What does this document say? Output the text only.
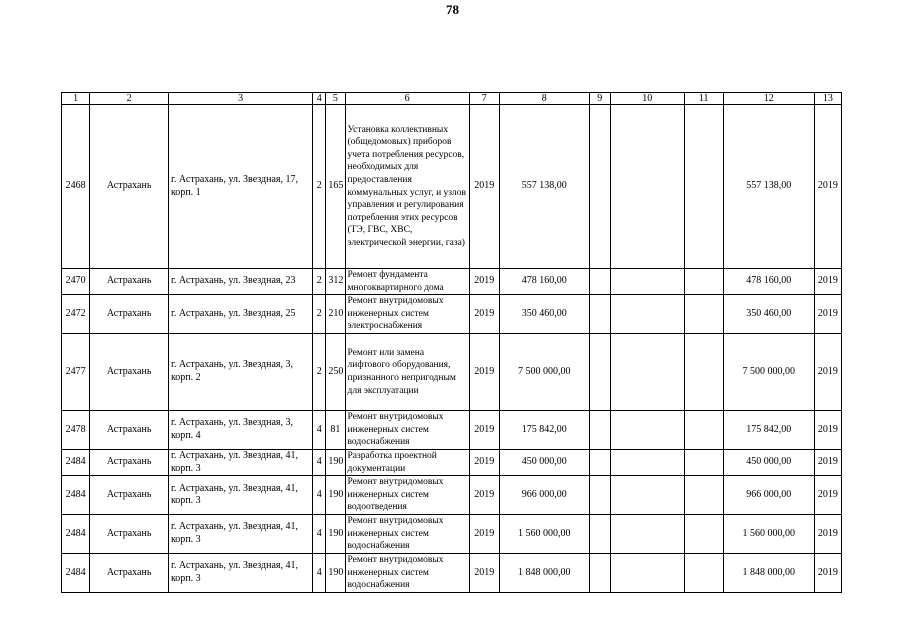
78
1	2	3	4	5	6	7	8	9	10	11	12	13
2468	Астрахань	г. Астрахань, ул. Звездная, 17, корп. 1	2	165	Установка коллективных (общедомовых) приборов учета потребления ресурсов, необходимых для предоставления коммунальных услуг, и узлов управления и регулирования потребления этих ресурсов (ТЭ, ГВС, ХВС, электрической энергии, газа)	2019	557 138,00				557 138,00	2019
2470	Астрахань	г. Астрахань, ул. Звездная, 23	2	312	Ремонт фундамента многоквартирного дома	2019	478 160,00				478 160,00	2019
2472	Астрахань	г. Астрахань, ул. Звездная, 25	2	210	Ремонт внутридомовых инженерных систем электроснабжения	2019	350 460,00				350 460,00	2019
2477	Астрахань	г. Астрахань, ул. Звездная, 3, корп. 2	2	250	Ремонт или замена лифтового оборудования, признанного непригодным для эксплуатации	2019	7 500 000,00				7 500 000,00	2019
2478	Астрахань	г. Астрахань, ул. Звездная, 3, корп. 4	4	81	Ремонт внутридомовых инженерных систем водоснабжения	2019	175 842,00				175 842,00	2019
2484	Астрахань	г. Астрахань, ул. Звездная, 41, корп. 3	4	190	Разработка проектной документации	2019	450 000,00				450 000,00	2019
2484	Астрахань	г. Астрахань, ул. Звездная, 41, корп. 3	4	190	Ремонт внутридомовых инженерных систем водоотведения	2019	966 000,00				966 000,00	2019
2484	Астрахань	г. Астрахань, ул. Звездная, 41, корп. 3	4	190	Ремонт внутридомовых инженерных систем водоснабжения	2019	1 560 000,00				1 560 000,00	2019
2484	Астрахань	г. Астрахань, ул. Звездная, 41, корп. 3	4	190	Ремонт внутридомовых инженерных систем водоснабжения	2019	1 848 000,00				1 848 000,00	2019
